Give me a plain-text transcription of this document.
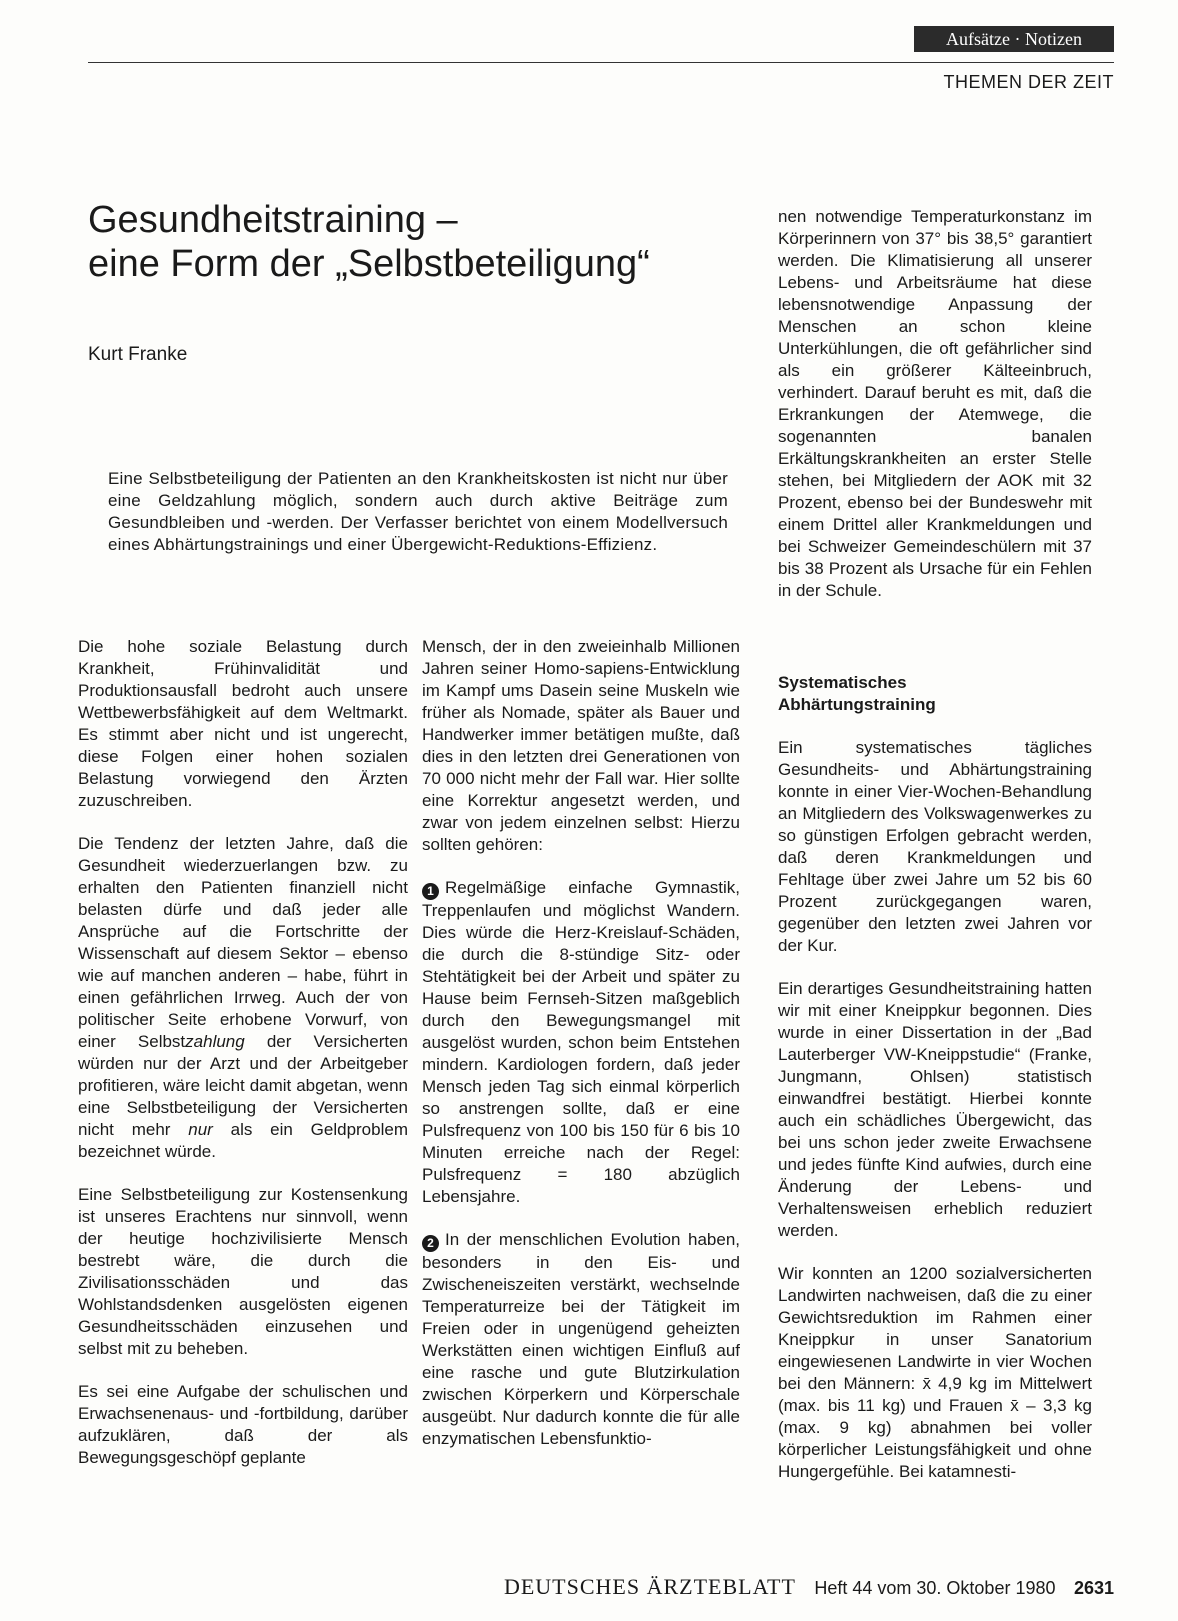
Aufsätze · Notizen
THEMEN DER ZEIT
Gesundheitstraining –
eine Form der „Selbstbeteiligung“
Kurt Franke

Eine Selbstbeteiligung der Patienten an den Krankheitskosten ist nicht nur über eine Geldzahlung möglich, sondern auch durch aktive Beiträge zum Gesundbleiben und -werden. Der Verfasser berichtet von einem Modellversuch eines Abhärtungstrainings und einer Übergewicht-Reduktions-Effizienz.

Die hohe soziale Belastung durch Krankheit, Frühinvalidität und Produktionsausfall bedroht auch unsere Wettbewerbsfähigkeit auf dem Weltmarkt. Es stimmt aber nicht und ist ungerecht, diese Folgen einer hohen sozialen Belastung vorwiegend den Ärzten zuzuschreiben.

Die Tendenz der letzten Jahre, daß die Gesundheit wiederzuerlangen bzw. zu erhalten den Patienten finanziell nicht belasten dürfe und daß jeder alle Ansprüche auf die Fortschritte der Wissenschaft auf diesem Sektor – ebenso wie auf manchen anderen – habe, führt in einen gefährlichen Irrweg. Auch der von politischer Seite erhobene Vorwurf, von einer Selbstzahlung der Versicherten würden nur der Arzt und der Arbeitgeber profitieren, wäre leicht damit abgetan, wenn eine Selbstbeteiligung der Versicherten nicht mehr nur als ein Geldproblem bezeichnet würde.

Eine Selbstbeteiligung zur Kostensenkung ist unseres Erachtens nur sinnvoll, wenn der heutige hochzivilisierte Mensch bestrebt wäre, die durch die Zivilisationsschäden und das Wohlstandsdenken ausgelösten eigenen Gesundheitsschäden einzusehen und selbst mit zu beheben.

Es sei eine Aufgabe der schulischen und Erwachsenenaus- und -fortbildung, darüber aufzuklären, daß der als Bewegungsgeschöpf geplante

Mensch, der in den zweieinhalb Millionen Jahren seiner Homo-sapiens-Entwicklung im Kampf ums Dasein seine Muskeln wie früher als Nomade, später als Bauer und Handwerker immer betätigen mußte, daß dies in den letzten drei Generationen von 70 000 nicht mehr der Fall war. Hier sollte eine Korrektur angesetzt werden, und zwar von jedem einzelnen selbst: Hierzu sollten gehören:

1 Regelmäßige einfache Gymnastik, Treppenlaufen und möglichst Wandern. Dies würde die Herz-Kreislauf-Schäden, die durch die 8-stündige Sitz- oder Stehtätigkeit bei der Arbeit und später zu Hause beim Fernseh-Sitzen maßgeblich durch den Bewegungsmangel mit ausgelöst wurden, schon beim Entstehen mindern. Kardiologen fordern, daß jeder Mensch jeden Tag sich einmal körperlich so anstrengen sollte, daß er eine Pulsfrequenz von 100 bis 150 für 6 bis 10 Minuten erreiche nach der Regel: Pulsfrequenz = 180 abzüglich Lebensjahre.

2 In der menschlichen Evolution haben, besonders in den Eis- und Zwischeneiszeiten verstärkt, wechselnde Temperaturreize bei der Tätigkeit im Freien oder in ungenügend geheizten Werkstätten einen wichtigen Einfluß auf eine rasche und gute Blutzirkulation zwischen Körperkern und Körperschale ausgeübt. Nur dadurch konnte die für alle enzymatischen Lebensfunktio-

nen notwendige Temperaturkonstanz im Körperinnern von 37° bis 38,5° garantiert werden. Die Klimatisierung all unserer Lebens- und Arbeitsräume hat diese lebensnotwendige Anpassung der Menschen an schon kleine Unterkühlungen, die oft gefährlicher sind als ein größerer Kälteeinbruch, verhindert. Darauf beruht es mit, daß die Erkrankungen der Atemwege, die sogenannten banalen Erkältungskrankheiten an erster Stelle stehen, bei Mitgliedern der AOK mit 32 Prozent, ebenso bei der Bundeswehr mit einem Drittel aller Krankmeldungen und bei Schweizer Gemeindeschülern mit 37 bis 38 Prozent als Ursache für ein Fehlen in der Schule.

Systematisches
Abhärtungstraining

Ein systematisches tägliches Gesundheits- und Abhärtungstraining konnte in einer Vier-Wochen-Behandlung an Mitgliedern des Volkswagenwerkes zu so günstigen Erfolgen gebracht werden, daß deren Krankmeldungen und Fehltage über zwei Jahre um 52 bis 60 Prozent zurückgegangen waren, gegenüber den letzten zwei Jahren vor der Kur.

Ein derartiges Gesundheitstraining hatten wir mit einer Kneippkur begonnen. Dies wurde in einer Dissertation in der „Bad Lauterberger VW-Kneippstudie“ (Franke, Jungmann, Ohlsen) statistisch einwandfrei bestätigt. Hierbei konnte auch ein schädliches Übergewicht, das bei uns schon jeder zweite Erwachsene und jedes fünfte Kind aufwies, durch eine Änderung der Lebens- und Verhaltensweisen erheblich reduziert werden.

Wir konnten an 1200 sozialversicherten Landwirten nachweisen, daß die zu einer Gewichtsreduktion im Rahmen einer Kneippkur in unser Sanatorium eingewiesenen Landwirte in vier Wochen bei den Männern: x̄ 4,9 kg im Mittelwert (max. bis 11 kg) und Frauen x̄ – 3,3 kg (max. 9 kg) abnahmen bei voller körperlicher Leistungsfähigkeit und ohne Hungergefühle. Bei katamnesti-

DEUTSCHES ÄRZTEBLATT Heft 44 vom 30. Oktober 1980 2631
